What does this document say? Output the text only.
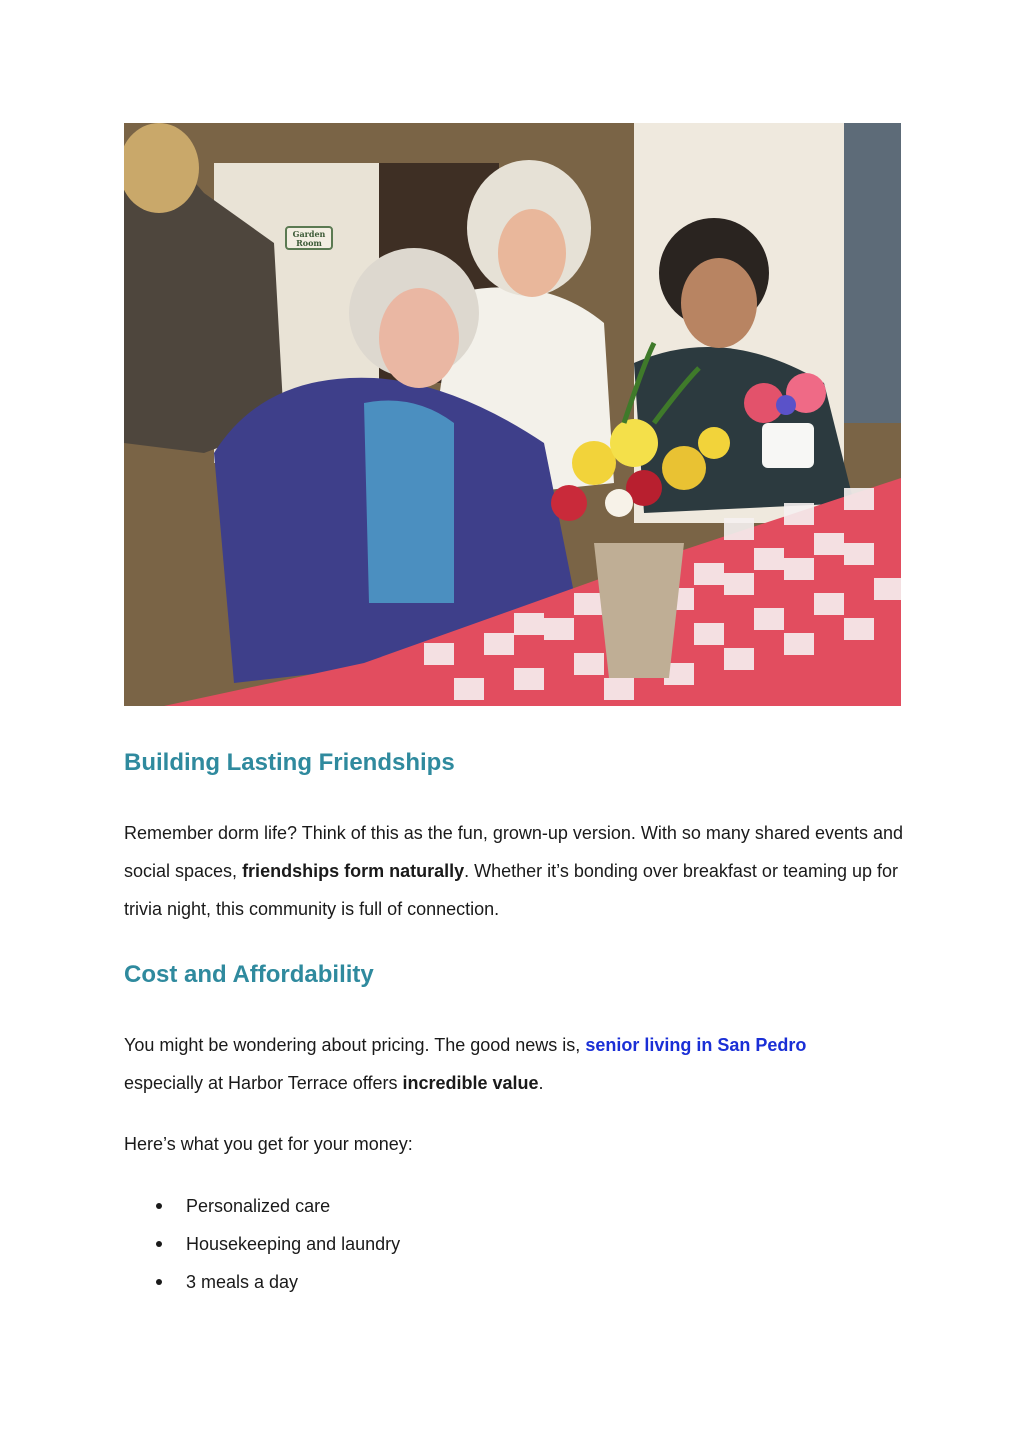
Garden
Room
Building Lasting Friendships

Remember dorm life? Think of this as the fun, grown-up version. With so many shared events and social spaces, friendships form naturally. Whether it’s bonding over breakfast or teaming up for trivia night, this community is full of connection.

Cost and Affordability

You might be wondering about pricing. The good news is, senior living in San Pedro
especially at Harbor Terrace offers incredible value.

Here’s what you get for your money:

Personalized care
Housekeeping and laundry
3 meals a day
